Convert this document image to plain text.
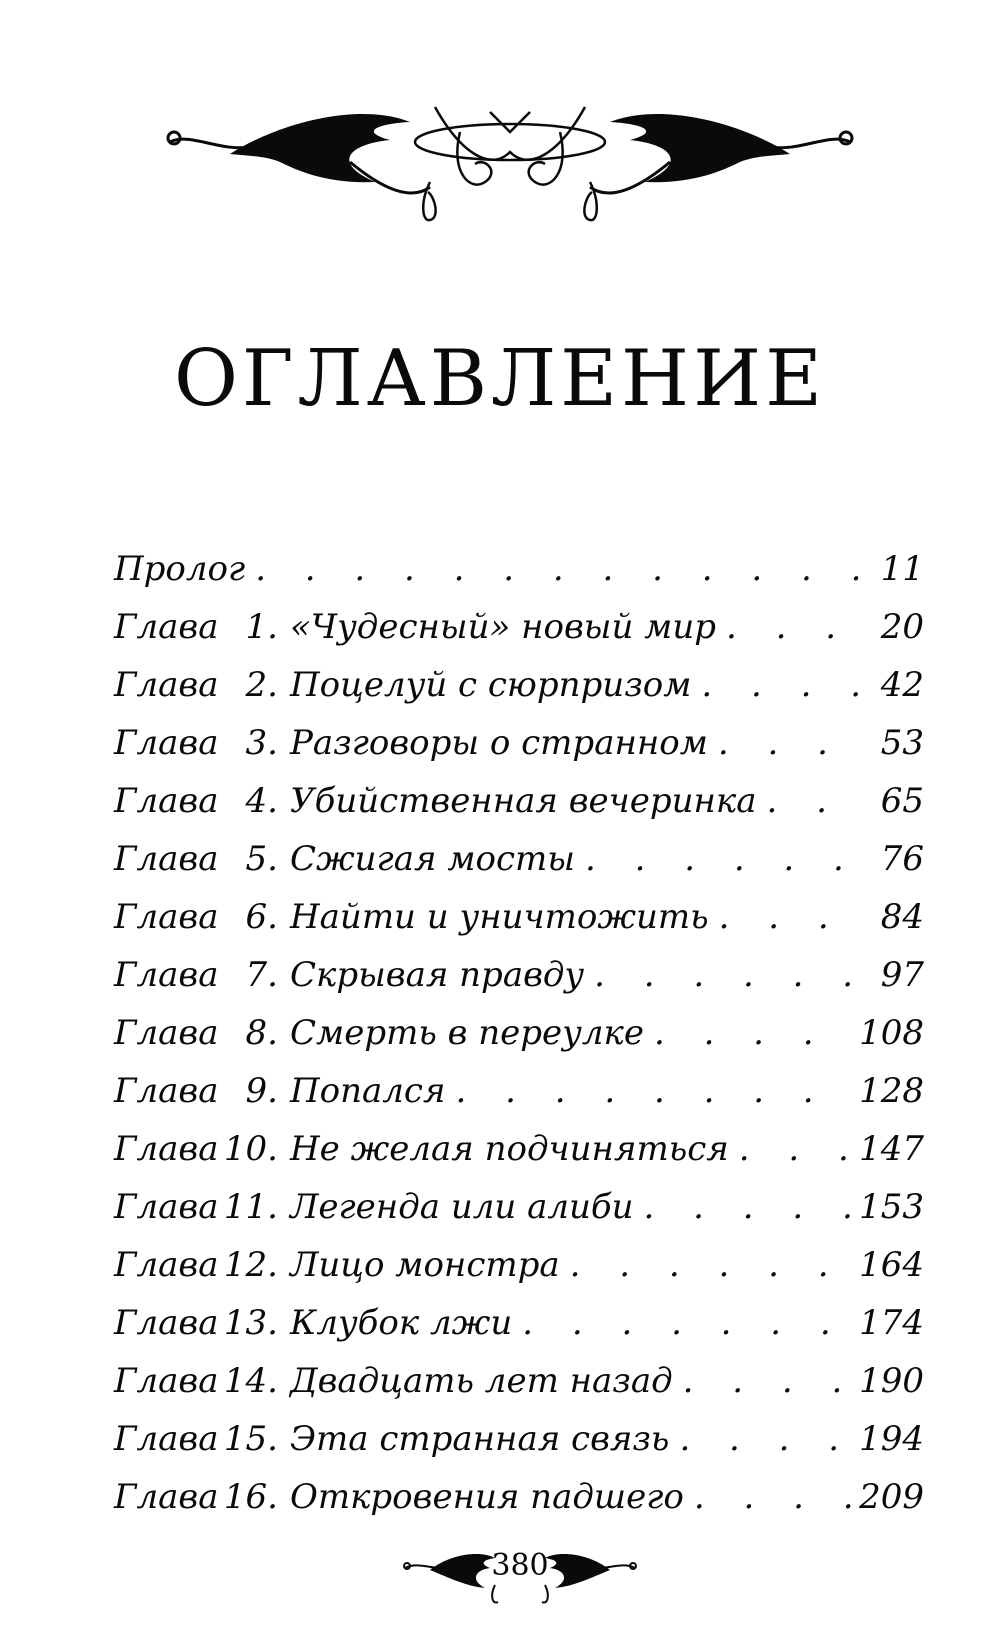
ОГЛАВЛЕНИЕ
Пролог . . .	11
Глава 1. «Чудесный» новый мир . . .	20
Глава 2. Поцелуй с сюрпризом . . .	42
Глава 3. Разговоры о странном . . .	53
Глава 4. Убийственная вечеринка . . .	65
Глава 5. Сжигая мосты . . .	76
Глава 6. Найти и уничтожить . . .	84
Глава 7. Скрывая правду . . .	97
Глава 8. Смерть в переулке . . .	108
Глава 9. Попался . . .	128
Глава 10. Не желая подчиняться . . .	147
Глава 11. Легенда или алиби . . .	153
Глава 12. Лицо монстра . . .	164
Глава 13. Клубок лжи . . .	174
Глава 14. Двадцать лет назад . . .	190
Глава 15. Эта странная связь . . .	194
Глава 16. Откровения падшего . . .	209
380
